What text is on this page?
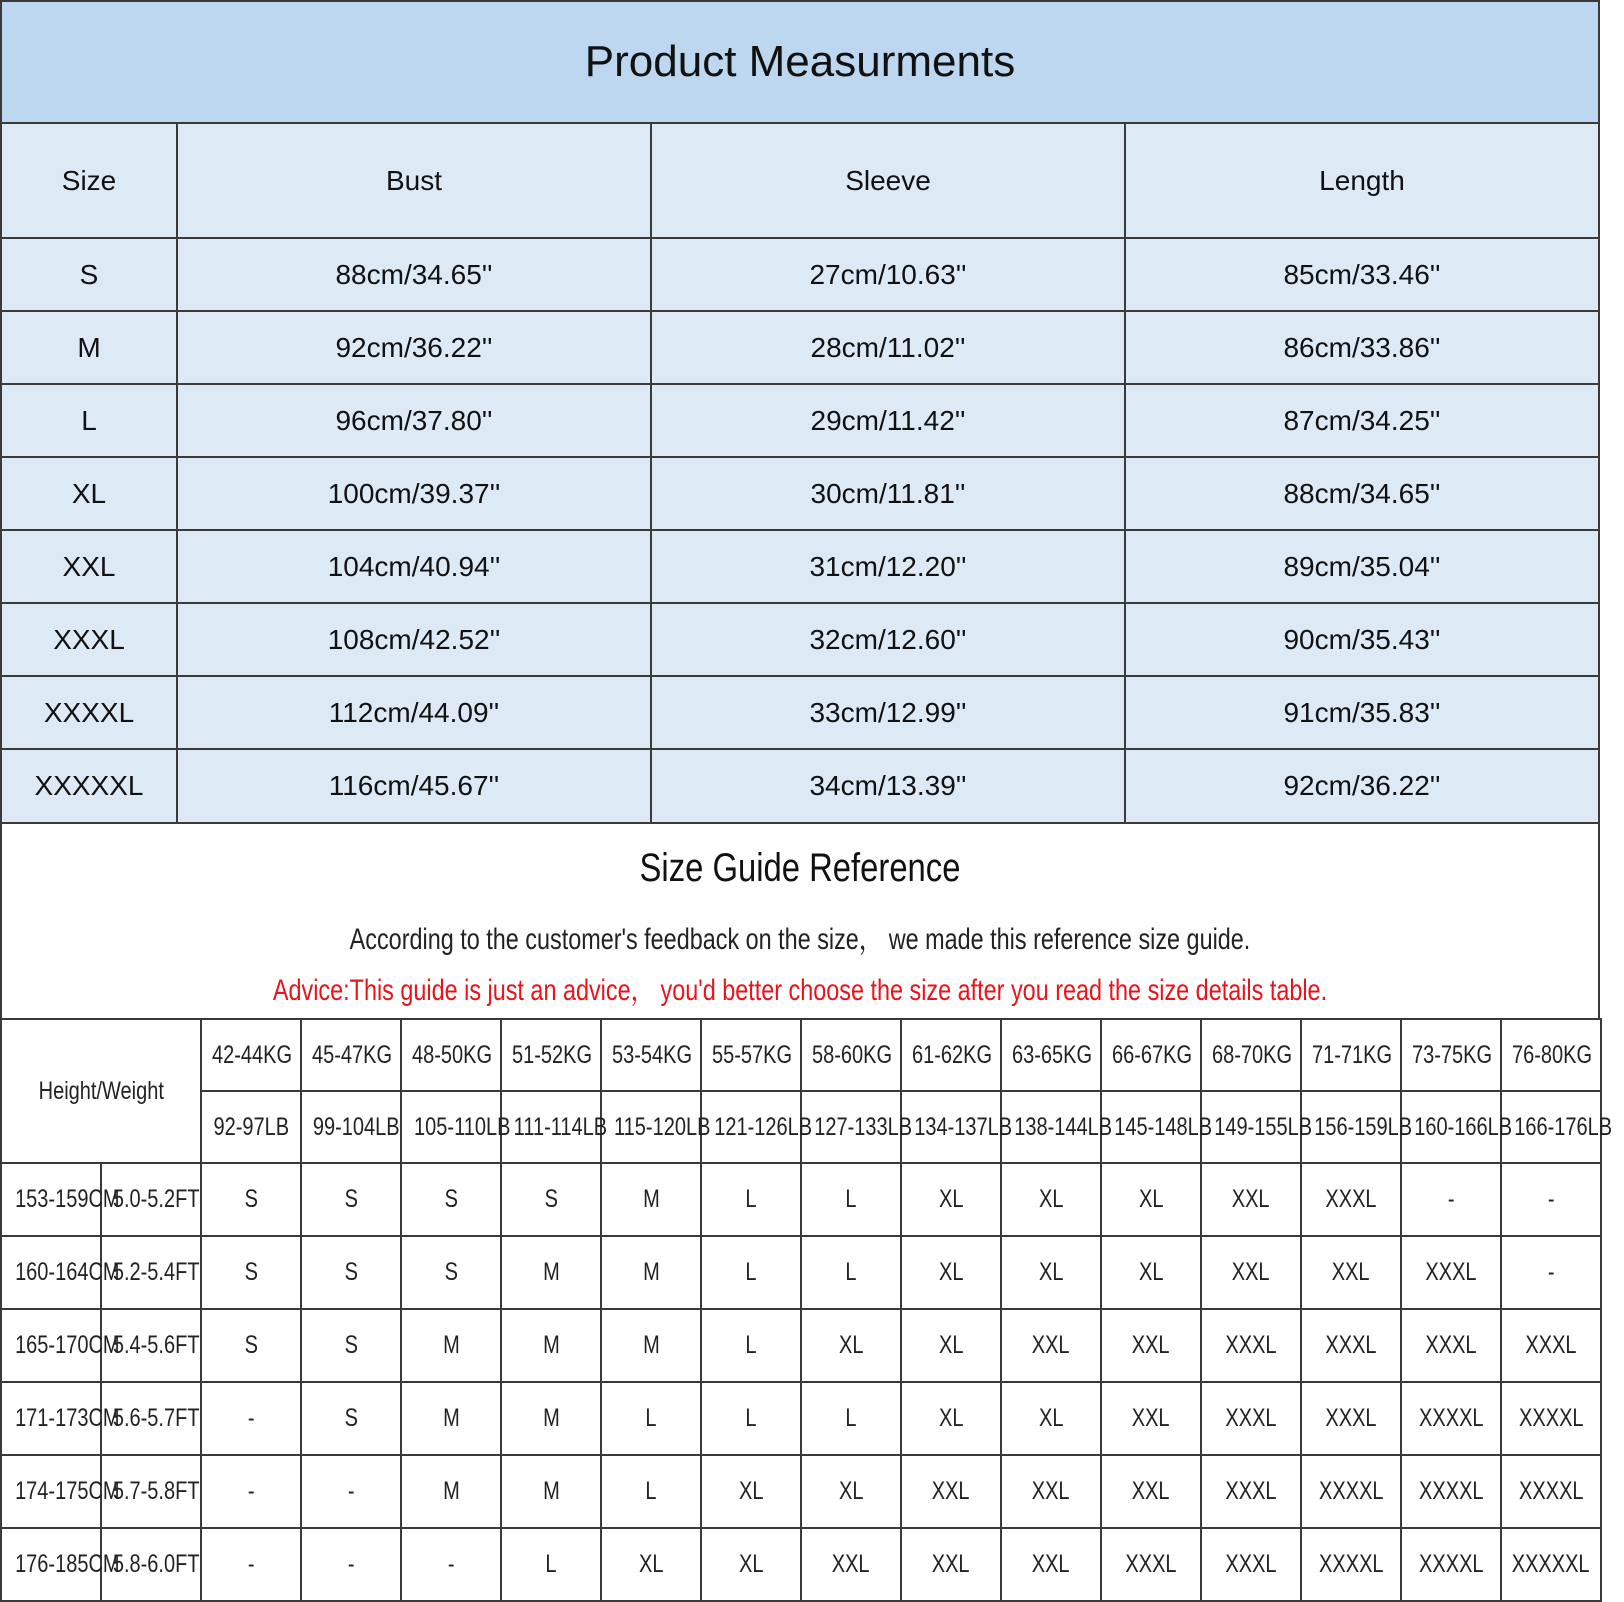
Product Measurments
Size	Bust	Sleeve	Length
S	88cm/34.65''	27cm/10.63''	85cm/33.46''
M	92cm/36.22''	28cm/11.02''	86cm/33.86''
L	96cm/37.80''	29cm/11.42''	87cm/34.25''
XL	100cm/39.37''	30cm/11.81''	88cm/34.65''
XXL	104cm/40.94''	31cm/12.20''	89cm/35.04''
XXXL	108cm/42.52''	32cm/12.60''	90cm/35.43''
XXXXL	112cm/44.09''	33cm/12.99''	91cm/35.83''
XXXXXL	116cm/45.67''	34cm/13.39''	92cm/36.22''
Size Guide Reference
According to the customer's feedback on the size， we made this reference size guide.
Advice:This guide is just an advice， you'd better choose the size after you read the size details table.
Height/Weight		42-44KG	45-47KG	48-50KG	51-52KG	53-54KG	55-57KG	58-60KG	61-62KG	63-65KG	66-67KG	68-70KG	71-71KG	73-75KG	76-80KG
		92-97LB	99-104LB	105-110LB	111-114LB	115-120LB	121-126LB	127-133LB	134-137LB	138-144LB	145-148LB	149-155LB	156-159LB	160-166LB	166-176LB
153-159CM	5.0-5.2FT	S	S	S	S	M	L	L	XL	XL	XL	XXL	XXXL	-	-
160-164CM	5.2-5.4FT	S	S	S	M	M	L	L	XL	XL	XL	XXL	XXL	XXXL	-
165-170CM	5.4-5.6FT	S	S	M	M	M	L	XL	XL	XXL	XXL	XXXL	XXXL	XXXL	XXXL
171-173CM	5.6-5.7FT	-	S	M	M	L	L	L	XL	XL	XXL	XXXL	XXXL	XXXXL	XXXXL
174-175CM	5.7-5.8FT	-	-	M	M	L	XL	XL	XXL	XXL	XXL	XXXL	XXXXL	XXXXL	XXXXL
176-185CM	5.8-6.0FT	-	-	-	L	XL	XL	XXL	XXL	XXL	XXXL	XXXL	XXXXL	XXXXL	XXXXXL
